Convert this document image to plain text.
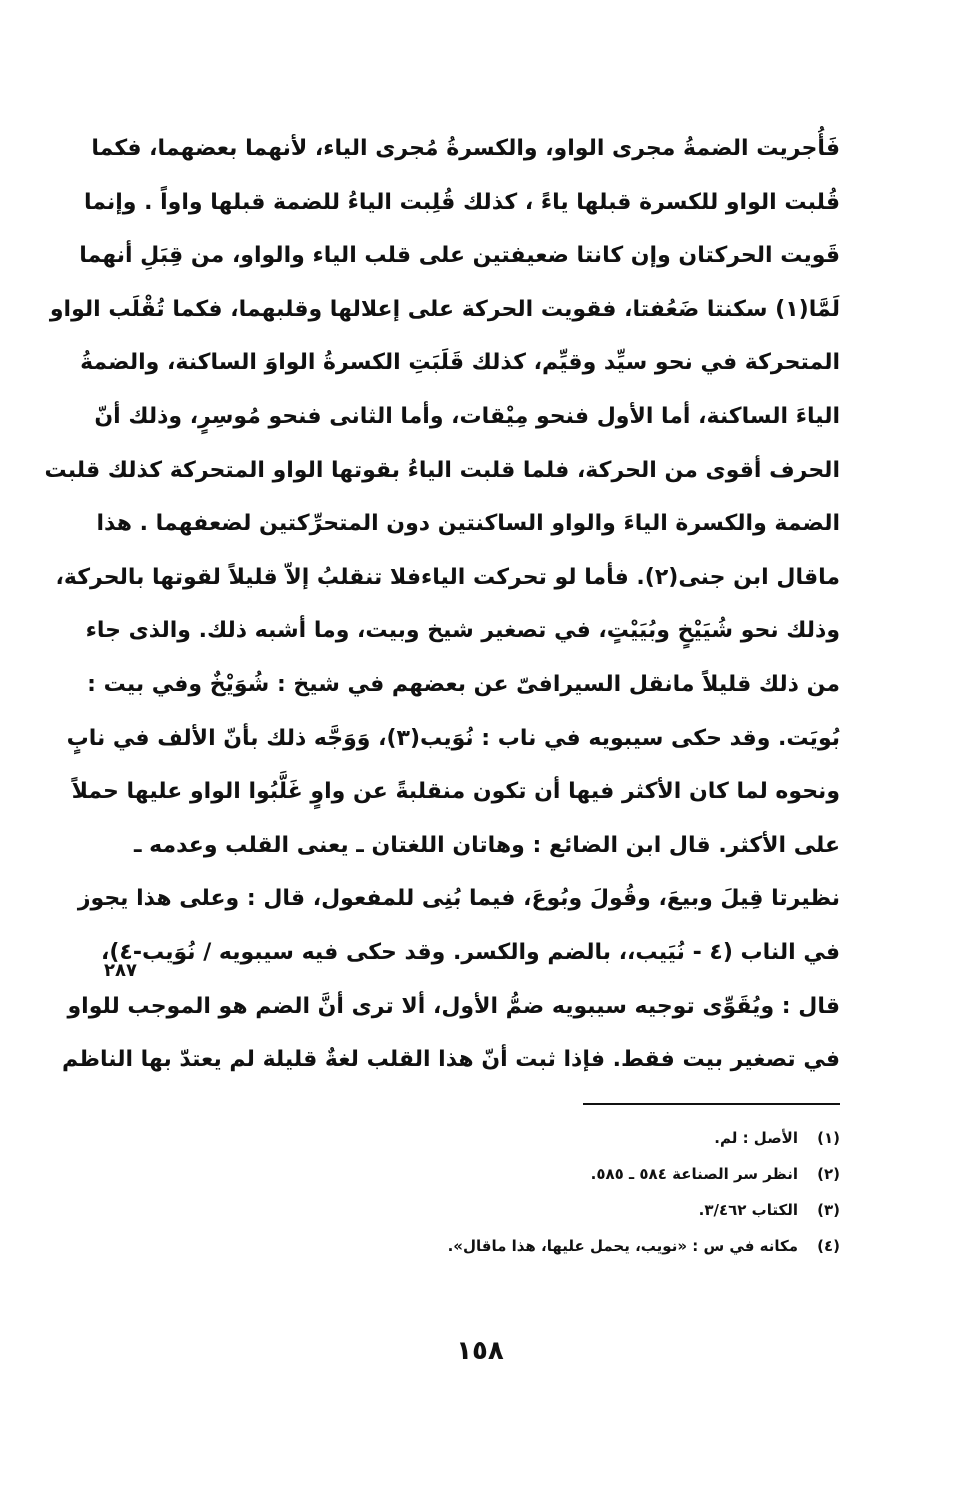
فَأُجريت الضمةُ مجرى الواو، والكسرةُ مُجرى الياء، لأنهما بعضهما، فكما
قُلبت الواو للكسرة قبلها ياءً ، كذلك قُلِبت الياءُ للضمة قبلها واواً . وإنما
قَويت الحركتان وإن كانتا ضعيفتين على قلب الياء والواو، من قِبَلِ أنهما
لَمَّا(١) سكنتا ضَعُفتا، فقويت الحركة على إعلالها وقلبهما، فكما تُقْلَب الواو
المتحركة في نحو سيِّد وقيِّم، كذلك قَلَبَتِ الكسرةُ الواوَ الساكنة، والضمةُ
الياءَ الساكنة، أما الأول فنحو مِيْقات، وأما الثانى فنحو مُوسِرٍ، وذلك أنّ
الحرف أقوى من الحركة، فلما قلبت الياءُ بقوتها الواو المتحركة كذلك قلبت
الضمة والكسرة الياءَ والواو الساكنتين دون المتحرِّكتين لضعفهما . هذا
ماقال ابن جنى(٢). فأما لو تحركت الياءفلا تنقلبُ إلاّ قليلاً لقوتها بالحركة،
وذلك نحو شُيَيْخٍ وبُيَيْتٍ، في تصغير شيخ وبيت، وما أشبه ذلك. والذى جاء
من ذلك قليلاً مانقل السيرافىّ عن بعضهم في شيخ : شُوَيْخٌ وفي بيت :
بُويَت. وقد حكى سيبويه في ناب : نُوَيب(٣)، وَوَجَّه ذلك بأنّ الألف في نابٍ
ونحوه لما كان الأكثر فيها أن تكون منقلبةً عن واوٍ غَلَّبُوا الواو عليها حملاً
على الأكثر. قال ابن الضائع : وهاتان اللغتان ـ يعنى القلب وعدمه ـ
نظيرتا قِيلَ وبيعَ، وقُولَ وبُوعَ، فيما بُنِى للمفعول، قال : وعلى هذا يجوز
في الناب (٤ - نُيَيب،، بالضم والكسر. وقد حكى فيه سيبويه / نُوَيب-٤)،
قال : ويُقَوِّى توجيه سيبويه ضمُّ الأول، ألا ترى أنَّ الضم هو الموجب للواو
في تصغير بيت فقط. فإذا ثبت أنّ هذا القلب لغةٌ قليلة لم يعتدّ بها الناظم
٢٨٧
(١)
الأصل : لم.
(٢)
انظر سر الصناعة ٥٨٤ ـ ٥٨٥.
(٣)
الكتاب ٣/٤٦٢.
(٤)
مكانه في س : «نويب، يحمل عليها، هذا ماقال».
١٥٨
